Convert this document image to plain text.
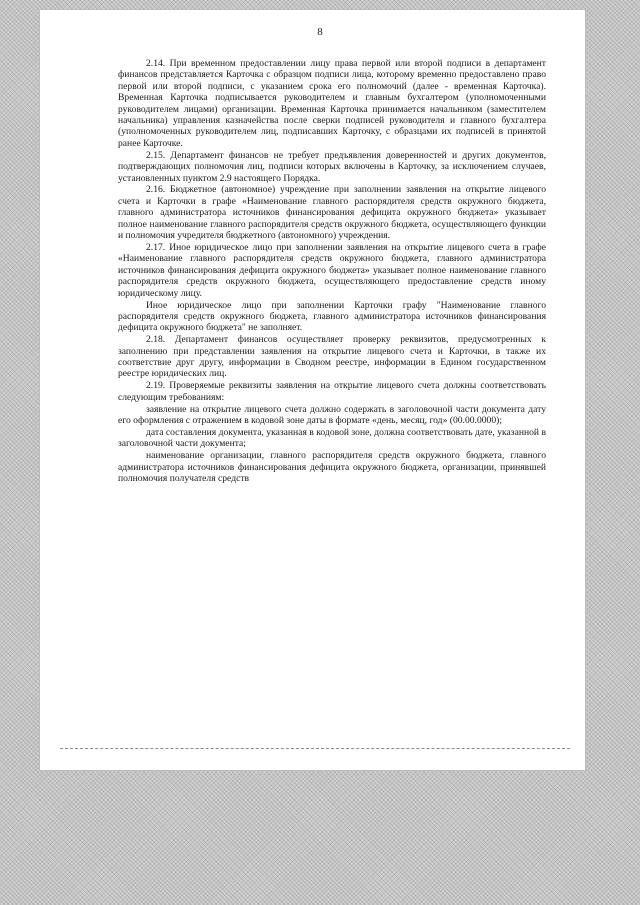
8

2.14. При временном предоставлении лицу права первой или второй подписи в департамент финансов представляется Карточка с образцом подписи лица, которому временно предоставлено право первой или второй подписи, с указанием срока его полномочий (далее - временная Карточка). Временная Карточка подписывается руководителем и главным бухгалтером (уполномоченными руководителем лицами) организации. Временная Карточка принимается начальником (заместителем начальника) управления казначейства после сверки подписей руководителя и главного бухгалтера (уполномоченных руководителем лиц, подписавших Карточку, с образцами их подписей в принятой ранее Карточке.

2.15. Департамент финансов не требует предъявления доверенностей и других документов, подтверждающих полномочия лиц, подписи которых включены в Карточку, за исключением случаев, установленных пунктом 2.9 настоящего Порядка.

2.16. Бюджетное (автономное) учреждение при заполнении заявления на открытие лицевого счета и Карточки в графе «Наименование главного распорядителя средств окружного бюджета, главного администратора источников финансирования дефицита окружного бюджета» указывает полное наименование главного распорядителя средств окружного бюджета, осуществляющего функции и полномочия учредителя бюджетного (автономного) учреждения.

2.17. Иное юридическое лицо при заполнении заявления на открытие лицевого счета в графе «Наименование главного распорядителя средств окружного бюджета, главного администратора источников финансирования дефицита окружного бюджета» указывает полное наименование главного распорядителя средств окружного бюджета, осуществляющего предоставление средств иному юридическому лицу.

Иное юридическое лицо при заполнении Карточки графу "Наименование главного распорядителя средств окружного бюджета, главного администратора источников финансирования дефицита окружного бюджета" не заполняет.

2.18. Департамент финансов осуществляет проверку реквизитов, предусмотренных к заполнению при представлении заявления на открытие лицевого счета и Карточки, в также их соответствие друг другу, информации в Сводном реестре, информации в Едином государственном реестре юридических лиц.

2.19. Проверяемые реквизиты заявления на открытие лицевого счета должны соответствовать следующим требованиям:

заявление на открытие лицевого счета должно содержать в заголовочной части документа дату его оформления с отражением в кодовой зоне даты в формате «день, месяц, год» (00.00.0000);

дата составления документа, указанная в кодовой зоне, должна соответствовать дате, указанной в заголовочной части документа;

наименование организации, главного распорядителя средств окружного бюджета, главного администратора источников финансирования дефицита окружного бюджета, организации, принявшей полномочия получателя средств
